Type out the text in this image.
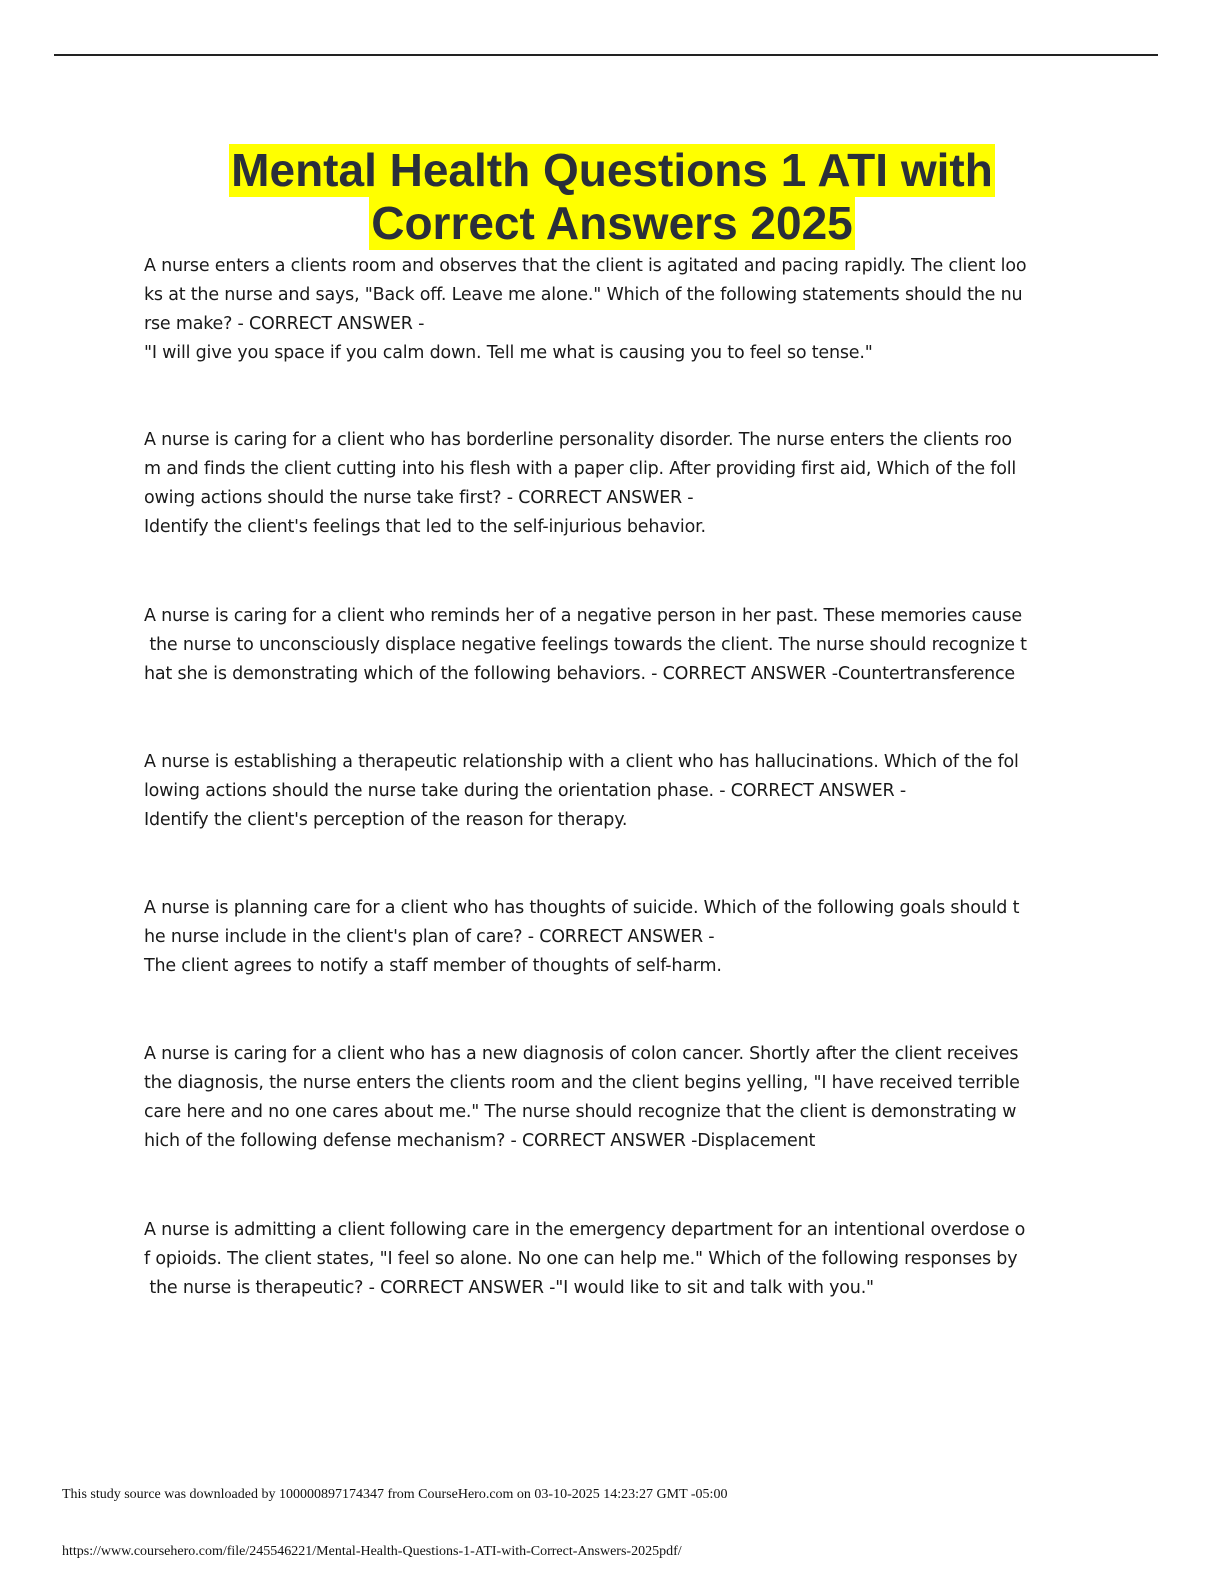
Mental Health Questions 1 ATI with
Correct Answers 2025
A nurse enters a clients room and observes that the client is agitated and pacing rapidly. The client loo
ks at the nurse and says, "Back off. Leave me alone." Which of the following statements should the nu
rse make? - CORRECT ANSWER -
"I will give you space if you calm down. Tell me what is causing you to feel so tense."
A nurse is caring for a client who has borderline personality disorder. The nurse enters the clients roo
m and finds the client cutting into his flesh with a paper clip. After providing first aid, Which of the foll
owing actions should the nurse take first? - CORRECT ANSWER -
Identify the client's feelings that led to the self-injurious behavior.
A nurse is caring for a client who reminds her of a negative person in her past. These memories cause
the nurse to unconsciously displace negative feelings towards the client. The nurse should recognize t
hat she is demonstrating which of the following behaviors. - CORRECT ANSWER -Countertransference
A nurse is establishing a therapeutic relationship with a client who has hallucinations. Which of the fol
lowing actions should the nurse take during the orientation phase. - CORRECT ANSWER -
Identify the client's perception of the reason for therapy.
A nurse is planning care for a client who has thoughts of suicide. Which of the following goals should t
he nurse include in the client's plan of care? - CORRECT ANSWER -
The client agrees to notify a staff member of thoughts of self-harm.
A nurse is caring for a client who has a new diagnosis of colon cancer. Shortly after the client receives
the diagnosis, the nurse enters the clients room and the client begins yelling, "I have received terrible
care here and no one cares about me." The nurse should recognize that the client is demonstrating w
hich of the following defense mechanism? - CORRECT ANSWER -Displacement
A nurse is admitting a client following care in the emergency department for an intentional overdose o
f opioids. The client states, "I feel so alone. No one can help me." Which of the following responses by
the nurse is therapeutic? - CORRECT ANSWER -"I would like to sit and talk with you."
This study source was downloaded by 100000897174347 from CourseHero.com on 03-10-2025 14:23:27 GMT -05:00
https://www.coursehero.com/file/245546221/Mental-Health-Questions-1-ATI-with-Correct-Answers-2025pdf/
